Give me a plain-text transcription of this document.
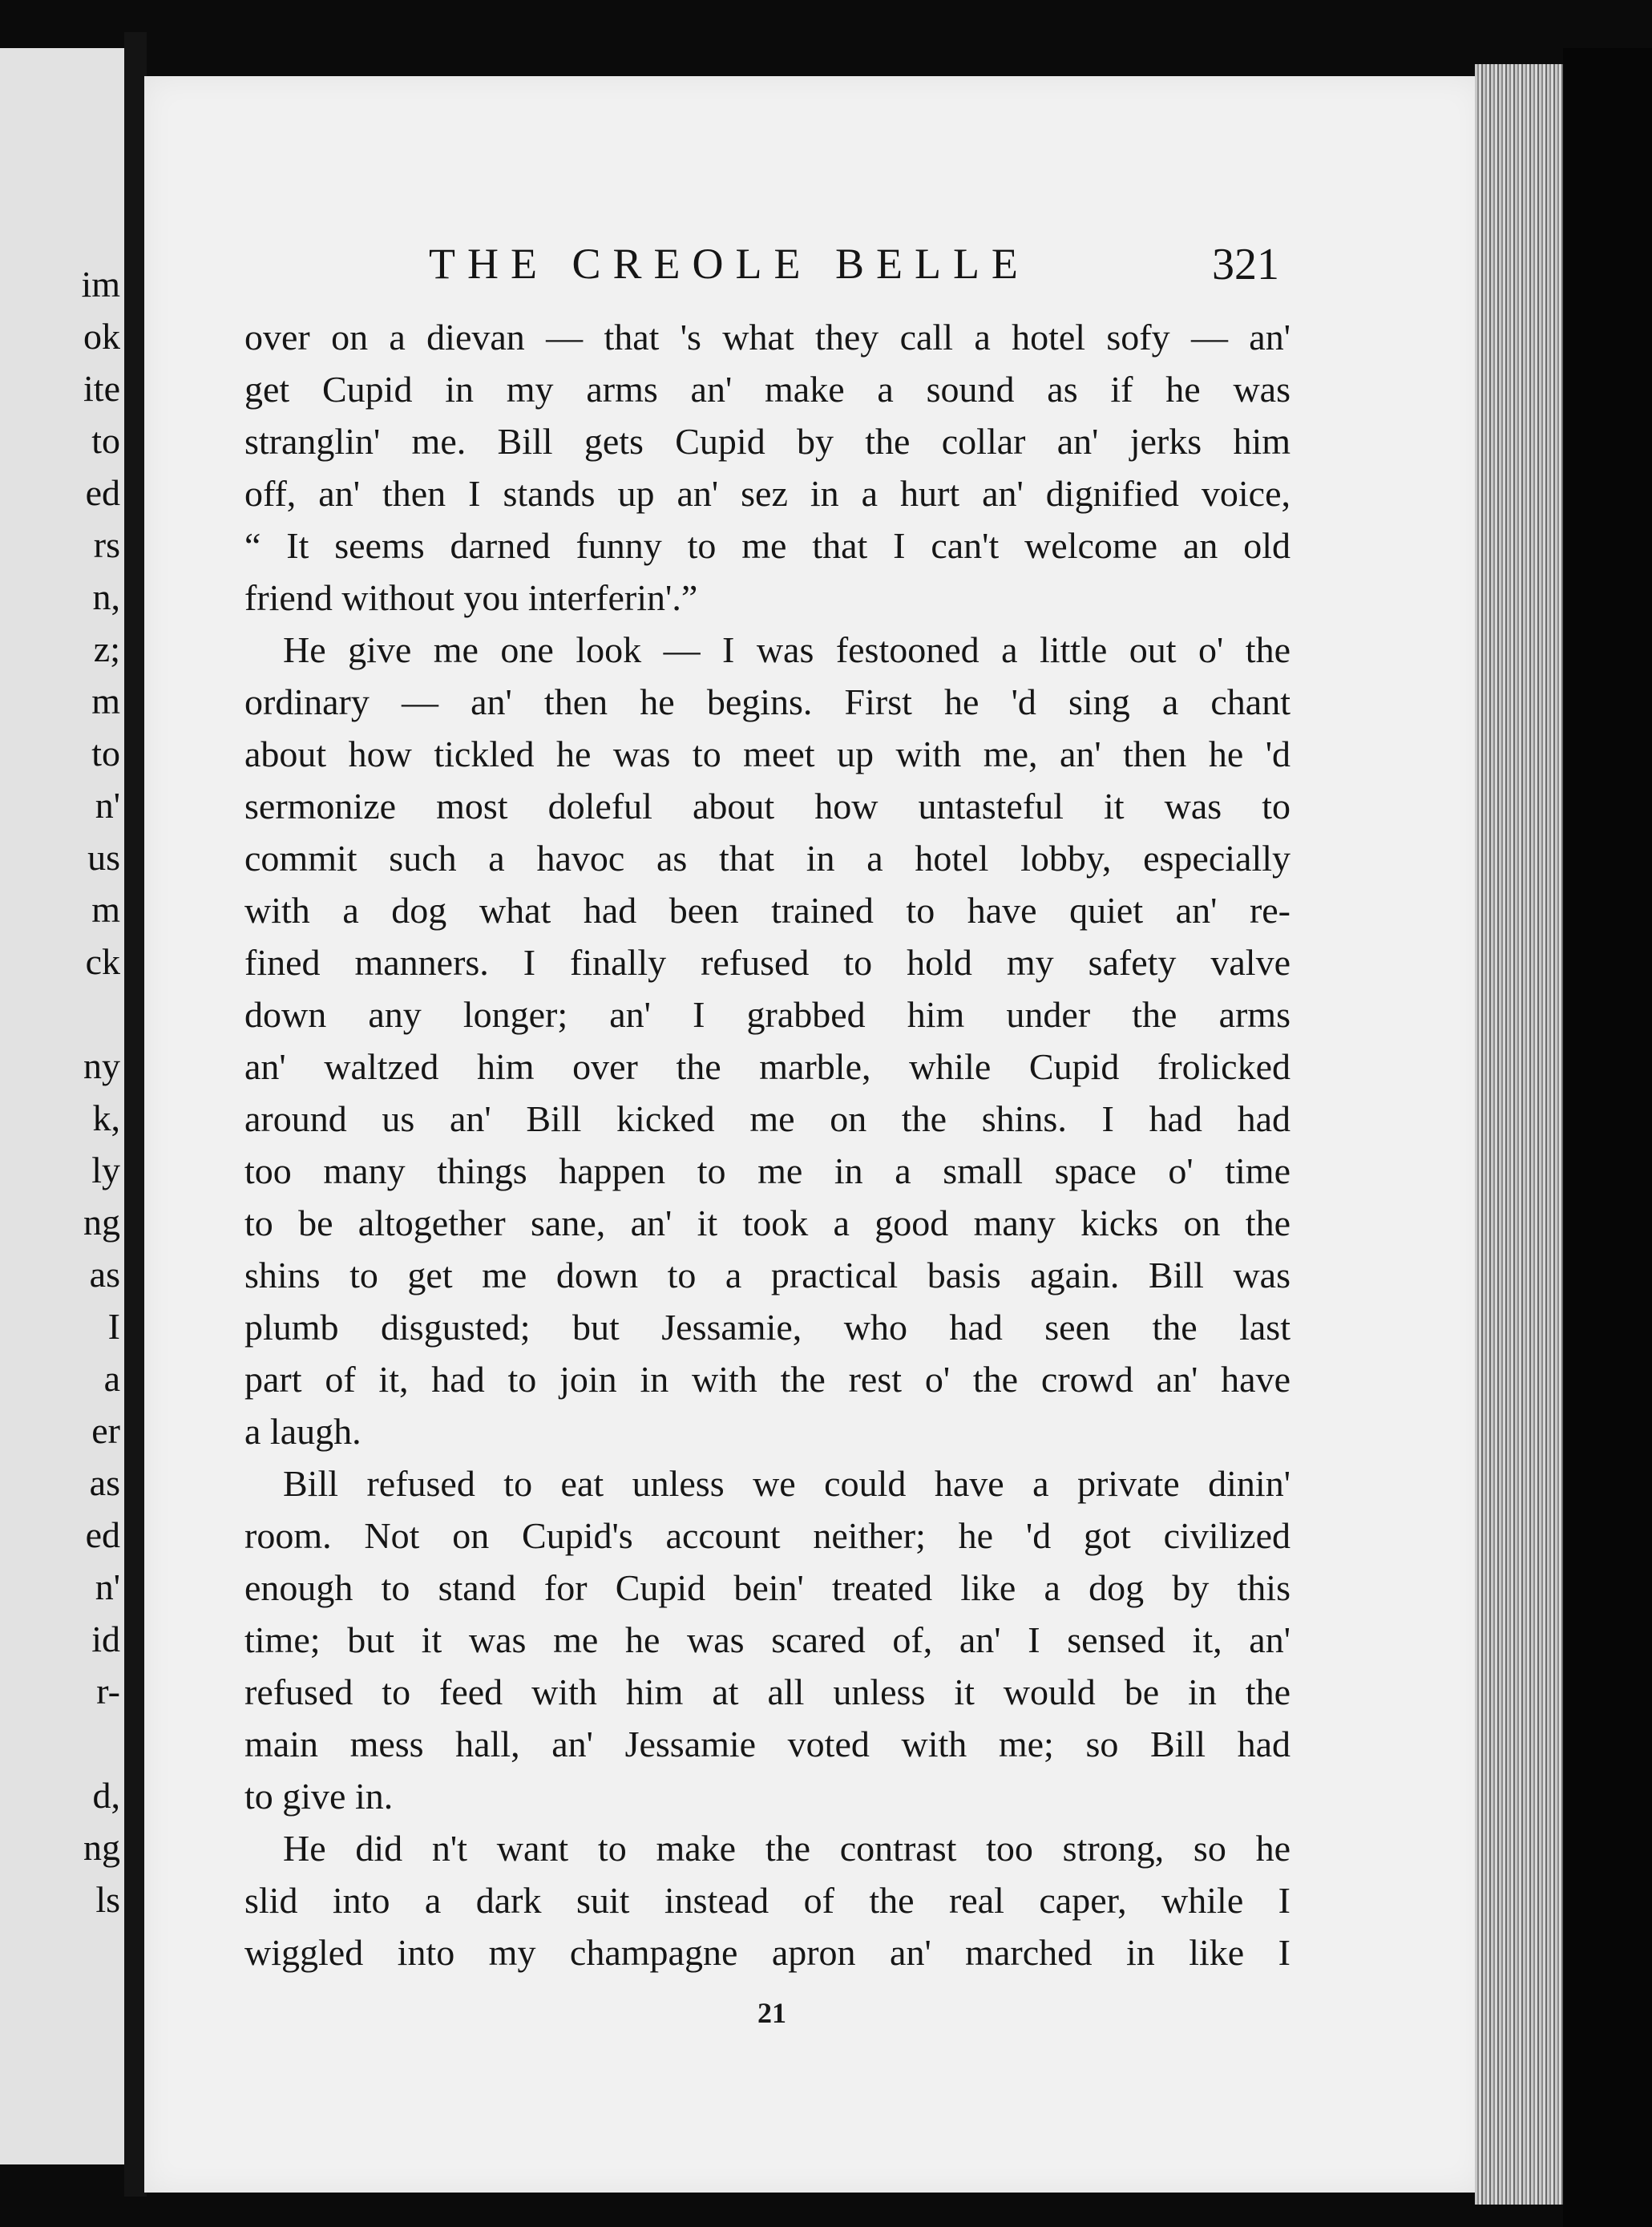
im
ok
ite
to
ed
rs
n,
z;
m
to
n'
us
m
ck
ny
k,
ly
ng
as
I
a
er
as
ed
n'
id
r-
d,
ng
ls
THE CREOLE BELLE	321
over on a dievan — that 's what they call a hotel sofy — an'
get Cupid in my arms an' make a sound as if he was
stranglin' me. Bill gets Cupid by the collar an' jerks him
off, an' then I stands up an' sez in a hurt an' dignified voice,
“ It seems darned funny to me that I can't welcome an old
friend without you interferin'.”
He give me one look — I was festooned a little out o' the
ordinary — an' then he begins. First he 'd sing a chant
about how tickled he was to meet up with me, an' then he 'd
sermonize most doleful about how untasteful it was to
commit such a havoc as that in a hotel lobby, especially
with a dog what had been trained to have quiet an' re-
fined manners. I finally refused to hold my safety valve
down any longer; an' I grabbed him under the arms
an' waltzed him over the marble, while Cupid frolicked
around us an' Bill kicked me on the shins. I had had
too many things happen to me in a small space o' time
to be altogether sane, an' it took a good many kicks on the
shins to get me down to a practical basis again. Bill was
plumb disgusted; but Jessamie, who had seen the last
part of it, had to join in with the rest o' the crowd an' have
a laugh.
Bill refused to eat unless we could have a private dinin'
room. Not on Cupid's account neither; he 'd got civilized
enough to stand for Cupid bein' treated like a dog by this
time; but it was me he was scared of, an' I sensed it, an'
refused to feed with him at all unless it would be in the
main mess hall, an' Jessamie voted with me; so Bill had
to give in.
He did n't want to make the contrast too strong, so he
slid into a dark suit instead of the real caper, while I
wiggled into my champagne apron an' marched in like I
21
